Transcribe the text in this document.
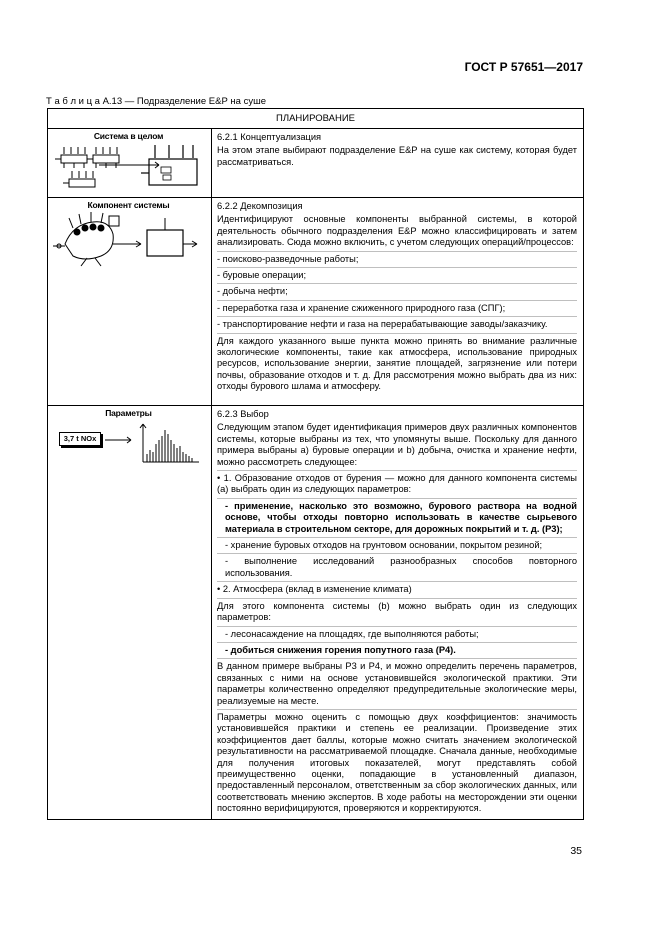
ГОСТ Р 57651—2017
Т а б л и ц а А.13 — Подразделение Е&Р на суше
ПЛАНИРОВАНИЕ
Система в целом	6.2.1 Концептуализация
На этом этапе выбирают подразделение Е&Р на суше как систему, которая будет рассматриваться.
Компонент системы	6.2.2 Декомпозиция
Идентифицируют основные компоненты выбранной системы, в которой деятельность обычного подразделения Е&Р можно классифицировать и затем анализировать. Сюда можно включить, с учетом следующих операций/процессов:
- поисково-разведочные работы;
- буровые операции;
- добыча нефти;
- переработка газа и хранение сжиженного природного газа (СПГ);
- транспортирование нефти и газа на перерабатывающие заводы/заказчику.
Для каждого указанного выше пункта можно принять во внимание различные экологические компоненты, такие как атмосфера, использование природных ресурсов, использование энергии, занятие площадей, загрязнение или потери почвы, образование отходов и т. д. Для рассмотрения можно выбрать два из них: отходы бурового шлама и атмосферу.
Параметры
3,7 t NOx
6.2.3 Выбор
Следующим этапом будет идентификация примеров двух различных компонентов системы, которые выбраны из тех, что упомянуты выше. Поскольку для данного примера выбраны а) буровые операции и b) добыча, очистка и хранение нефти, можно рассмотреть следующее:
• 1. Образование отходов от бурения — можно для данного компонента системы (а) выбрать один из следующих параметров:
- применение, насколько это возможно, бурового раствора на водной основе, чтобы отходы повторно использовать в качестве сырьевого материала в строительном секторе, для дорожных покрытий и т. д. (Р3);
- хранение буровых отходов на грунтовом основании, покрытом резиной;
- выполнение исследований разнообразных способов повторного использования.
• 2. Атмосфера (вклад в изменение климата)
Для этого компонента системы (b) можно выбрать один из следующих параметров:
- лесонасаждение на площадях, где выполняются работы;
- добиться снижения горения попутного газа (Р4).
В данном примере выбраны Р3 и Р4, и можно определить перечень параметров, связанных с ними на основе установившейся экологической практики. Эти параметры количественно определяют предупредительные экологические меры, реализуемые на месте.
Параметры можно оценить с помощью двух коэффициентов: значимость установившейся практики и степень ее реализации. Произведение этих коэффициентов дает баллы, которые можно считать значением экологической результативности на рассматриваемой площадке. Сначала данные, необходимые для получения итоговых показателей, могут представлять собой преимущественно оценки, попадающие в установленный диапазон, предоставленный персоналом, ответственным за сбор экологических данных, или соответствовать мнению экспертов. В ходе работы на месторождении эти оценки постоянно верифицируются, проверяются и корректируются.
35
